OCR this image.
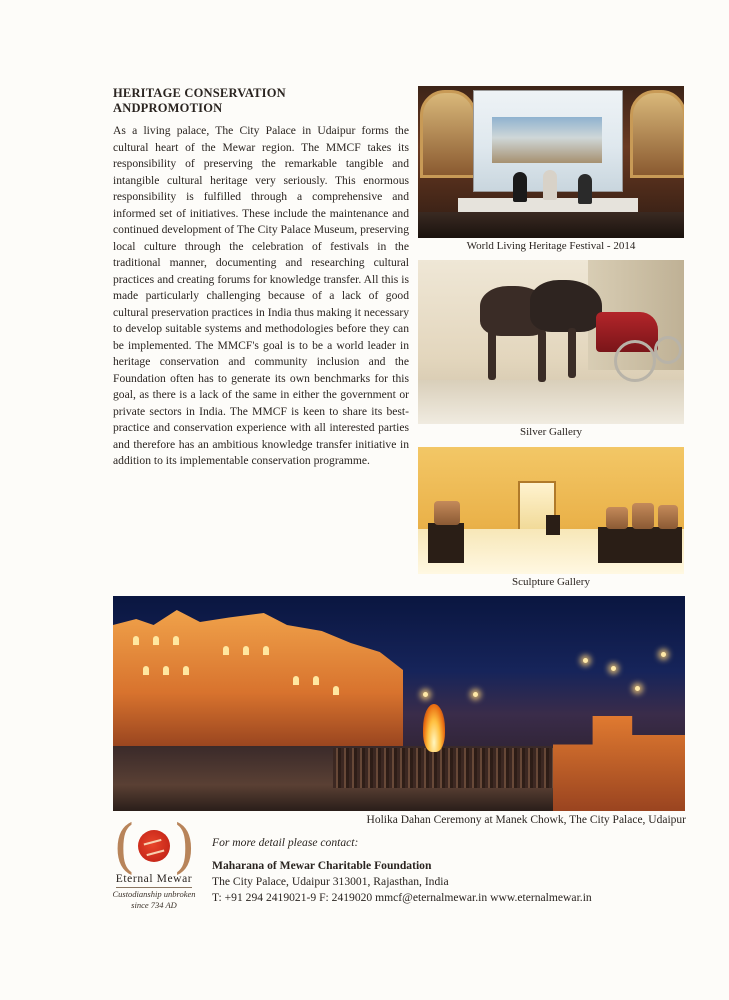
HERITAGE CONSERVATION
ANDPROMOTION
As a living palace, The City Palace in Udaipur forms the cultural heart of the Mewar region. The MMCF takes its responsibility of preserving the remarkable tangible and intangible cultural heritage very seriously. This enormous responsibility is fulfilled through a comprehensive and informed set of initiatives. These include the maintenance and continued development of The City Palace Museum, preserving local culture through the celebration of festivals in the traditional manner, documenting and researching cultural practices and creating forums for knowledge transfer. All this is made particularly challenging because of a lack of good cultural preservation practices in India thus making it necessary to develop suitable systems and methodologies before they can be implemented. The MMCF's goal is to be a world leader in heritage conservation and community inclusion and the Foundation often has to generate its own benchmarks for this goal, as there is a lack of the same in either the government or private sectors in India. The MMCF is keen to share its best-practice and conservation experience with all interested parties and therefore has an ambitious knowledge transfer initiative in addition to its implementable conservation programme.
World Living Heritage Festival - 2014
Silver Gallery
Sculpture Gallery
Holika Dahan Ceremony at Manek Chowk, The City Palace, Udaipur
( )
Eternal Mewar
Custodianship unbroken
since 734 AD
For more detail please contact:
Maharana of Mewar Charitable Foundation
The City Palace, Udaipur 313001, Rajasthan, India
T: +91 294 2419021-9 F: 2419020 mmcf@eternalmewar.in www.eternalmewar.in
